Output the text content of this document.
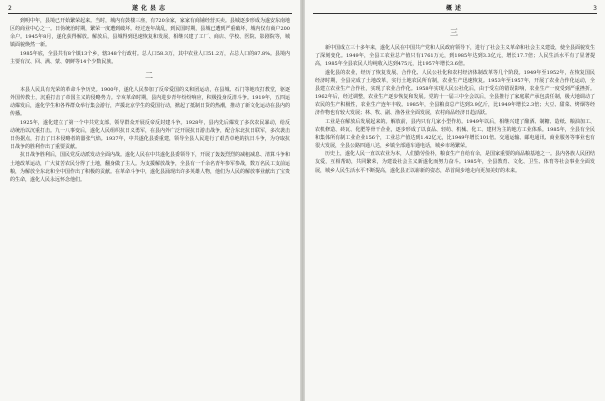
2	遂化县志

到明中年，县境已开始繁荣起来。当时，城内有鼓楼三座，有720余家，家家有商铺经营买卖。县城逐步形成为遂安东南地区的商业中心之一。日伪统治时期，繁荣一度遭到破坏。经过连年战乱，到民国时期，县城已遭到严重破坏，城内仅有商户200余户。1945年8月，遂化获得解放。解放后，县城得到迅速恢复和发展，相继兴建了工厂、商店、学校、医院、影剧院等，城镇面貌焕然一新。

1985年底，全县共有8个镇13个乡，辖348个行政村。总人口58.3万，其中农业人口51.2万，占总人口的87.8%。县境内主要有汉、回、满、蒙、朝鲜等14个少数民族。

二

本县人民具有光荣的革命斗争历史。1900年，遂化人民参加了反帝爱国的义和团运动，在县城、石门等地攻打教堂，驱逐外国传教士，沉重打击了帝国主义的侵略势力。辛亥革命时期，县内进步青年纷纷响应，积极投身反清斗争。1919年，五四运动爆发后，遂化学生和各界群众举行集会游行，声援北京学生的爱国行动，掀起了抵制日货的热潮，推动了新文化运动在县内的传播。

1925年，遂化建立了第一个中共党支部，领导群众开展反帝反封建斗争。1928年，县内先后爆发了多次农民暴动，给反动统治以沉重打击。九一八事变后，遂化人民组织抗日义勇军，在县内外广泛开展抗日游击战争，配合东北抗日联军，多次袭击日伪据点，打击了日本侵略者的嚣张气焰。1937年，中共遂化县委重建，领导全县人民进行了艰苦卓绝的抗日斗争，为夺取抗日战争的胜利作出了重要贡献。

抗日战争胜利后，国民党反动派发动全面内战。遂化人民在中共遂化县委领导下，开展了轰轰烈烈的减租减息、清算斗争和土地改革运动，广大贫苦农民分得了土地，翻身做了主人。为支援解放战争，全县有一千余名青年参军参战，数万名民工支前运粮，为解放全东北和全中国作出了积极的贡献。在革命斗争中，遂化县涌现出许多英雄人物，他们为人民的解放事业献出了宝贵的生命，遂化人民永远怀念他们。

概述	3
三

新中国成立三十多年来，遂化人民在中国共产党和人民政府领导下，进行了社会主义革命和社会主义建设，使全县面貌发生了深刻变化。1949年，全县工农业总产值只有1761万元，到1985年达到3.3亿元，增长17.7倍；人民生活水平有了显著提高，1985年全县农民人均纯收入达到475元，比1957年增长3.6倍。

遂化县的农业，经历了恢复发展、合作化、人民公社化和农村经济体制改革等几个阶段。1949年至1952年，在恢复国民经济时期，全县完成了土地改革，实行土地农民所有制，农业生产迅速恢复。1953年至1957年，开展了农业合作化运动，全县建立农业生产合作社，实现了农业合作化。1958年实现人民公社化后，由于受左的错误影响，农业生产一度受到严重挫折。1962年后，经过调整，农业生产逐步恢复和发展。党的十一届三中全会以后，全县推行了家庭联产承包责任制，极大地调动了农民的生产积极性，农业生产连年丰收。1985年，全县粮食总产达到3.9亿斤，比1949年增长2.3倍；大豆、甜菜、烤烟等经济作物也有较大发展；林、牧、副、渔各业全面发展，农村商品经济日趋活跃。

工业是在解放后发展起来的。解放前，县内只有几家小型作坊。1949年以后，相继兴建了酿酒、制糖、造纸、粮油加工、农机修造、砖瓦、化肥等骨干企业，逐步形成了以食品、轻纺、机械、化工、建材为主的地方工业体系。1985年，全县有全民和集体所有制工业企业156个，工业总产值达到1.42亿元，比1949年增长101倍。交通运输、邮电通讯、商业服务等事业也有很大发展，全县公路四通八达，乡镇全部通车通电话，城乡市场繁荣。

历史上，遂化人民一直以农业为本，人们勤劳俭朴，粮食生产自给有余，是国家重要的商品粮基地之一。县内各族人民团结友爱，互相帮助，共同繁荣，为建设社会主义新遂化而努力奋斗。1985年，全县教育、文化、卫生、体育等社会事业全面发展，城乡人民生活水平不断提高，遂化县正以崭新的姿态，昂首阔步地走向更加美好的未来。
